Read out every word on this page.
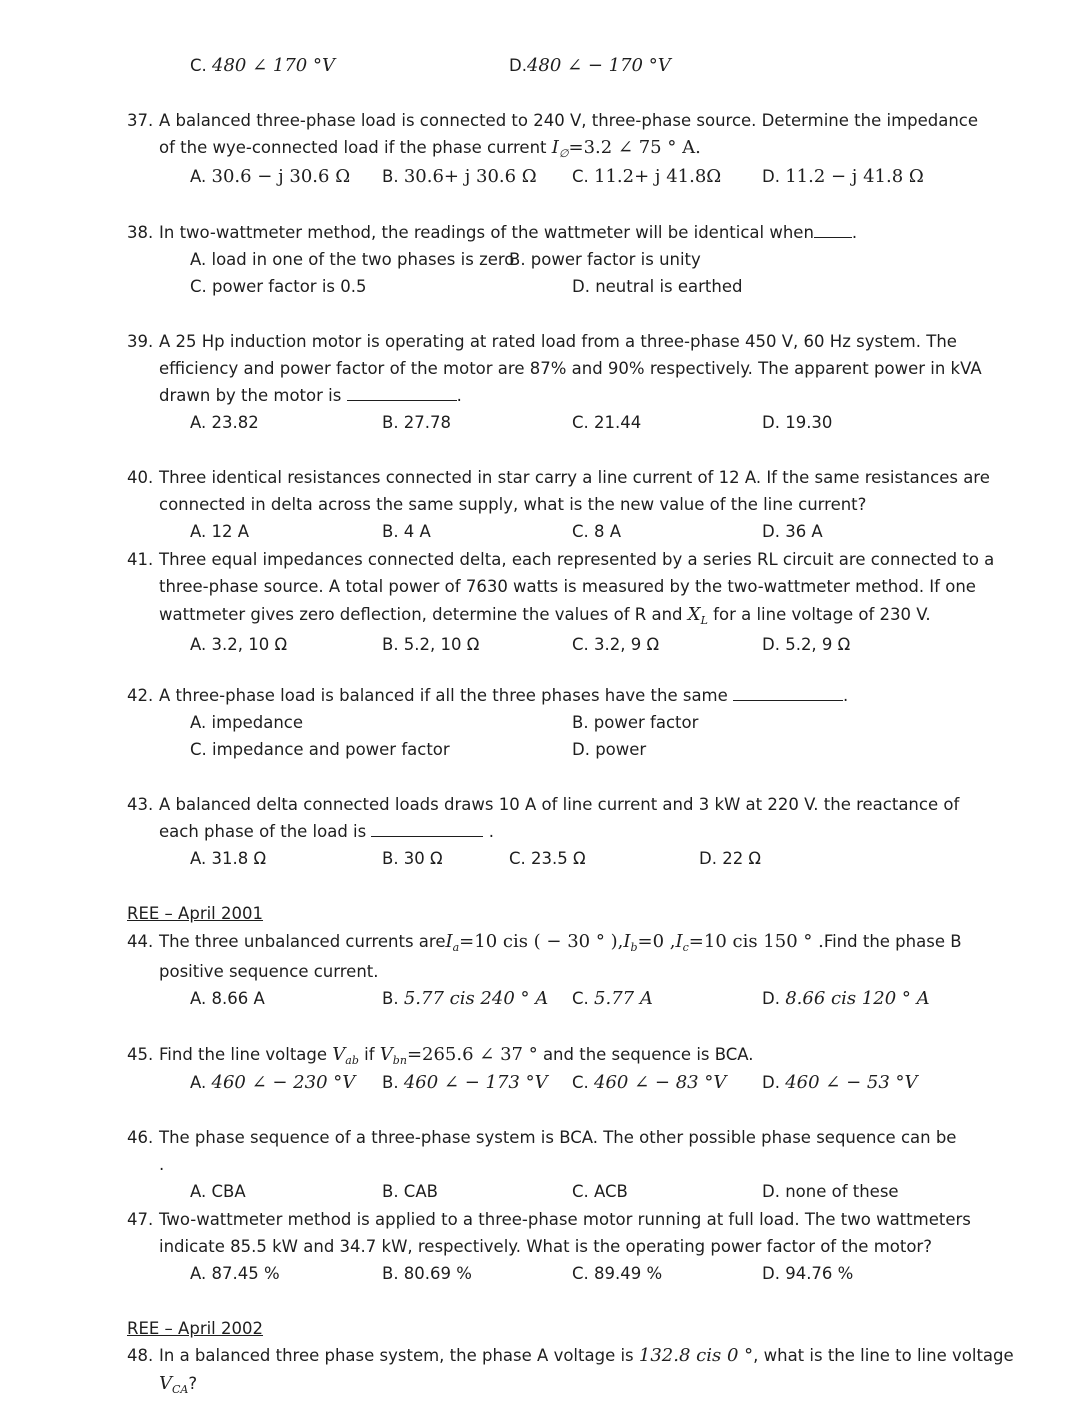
C. 480 ∠ 170 °V	D.480 ∠ − 170 °V
37. A balanced three-phase load is connected to 240 V, three-phase source. Determine the impedance
of the wye-connected load if the phase current $I_\emptyset=3.2$ ∠ 75 ° A.
A. 30.6 − j 30.6 Ω B. 30.6+ j 30.6 Ω C. 11.2+ j 41.8Ω D. 11.2 − j 41.8 Ω
38. In two-wattmeter method, the readings of the wattmeter will be identical when .
A. load in one of the two phases is zero
B. power factor is unity
C. power factor is 0.5	D. neutral is earthed
39. A 25 Hp induction motor is operating at rated load from a three-phase 450 V, 60 Hz system. The
efficiency and power factor of the motor are 87% and 90% respectively. The apparent power in kVA
drawn by the motor is	.
A. 23.82	B. 27.78	C. 21.44	D. 19.30
40. Three identical resistances connected in star carry a line current of 12 A. If the same resistances are
connected in delta across the same supply, what is the new value of the line current?
A. 12 A	B. 4 A	C. 8 A	D. 36 A
41. Three equal impedances connected delta, each represented by a series RL circuit are connected to a
three-phase source. A total power of 7630 watts is measured by the two-wattmeter method. If one
wattmeter gives zero deflection, determine the values of R and $X_L$ for a line voltage of 230 V.
A. 3.2, 10 Ω	B. 5.2, 10 Ω	C. 3.2, 9 Ω	D. 5.2, 9 Ω
42. A three-phase load is balanced if all the three phases have the same	.
A. impedance	B. power factor
C. impedance and power factor	D. power
43. A balanced delta connected loads draws 10 A of line current and 3 kW at 220 V. the reactance of
each phase of the load is	.
A. 31.8 Ω	B. 30 Ω	C. 23.5 Ω	D. 22 Ω
REE – April 2001
44. The three unbalanced currents are $I_a=10$ cis ( − 30 ° ), $I_b=0$ $,I_c=10$ cis 150 ° . Find the phase B
positive sequence current.
A. 8.66 A	B. 5.77 cis 240 ° A C. 5.77 A	D. 8.66 cis 120 ° A
45. Find the line voltage $V_{ab}$ if $V_{bn}=265.6$ ∠ 37 ° and the sequence is BCA.
A. 460 ∠ − 230 °V B. 460 ∠ − 173 °V C. 460 ∠ − 83 °V D. 460 ∠ − 53 °V
46. The phase sequence of a three-phase system is BCA. The other possible phase sequence can be
.
A. CBA	B. CAB	C. ACB	D. none of these
47. Two-wattmeter method is applied to a three-phase motor running at full load. The two wattmeters
indicate 85.5 kW and 34.7 kW, respectively. What is the operating power factor of the motor?
A. 87.45 %	B. 80.69 %	C. 89.49 %	D. 94.76 %
REE – April 2002
48. In a balanced three phase system, the phase A voltage is 132.8 cis 0 °, what is the line to line voltage
$V_{CA}$?
